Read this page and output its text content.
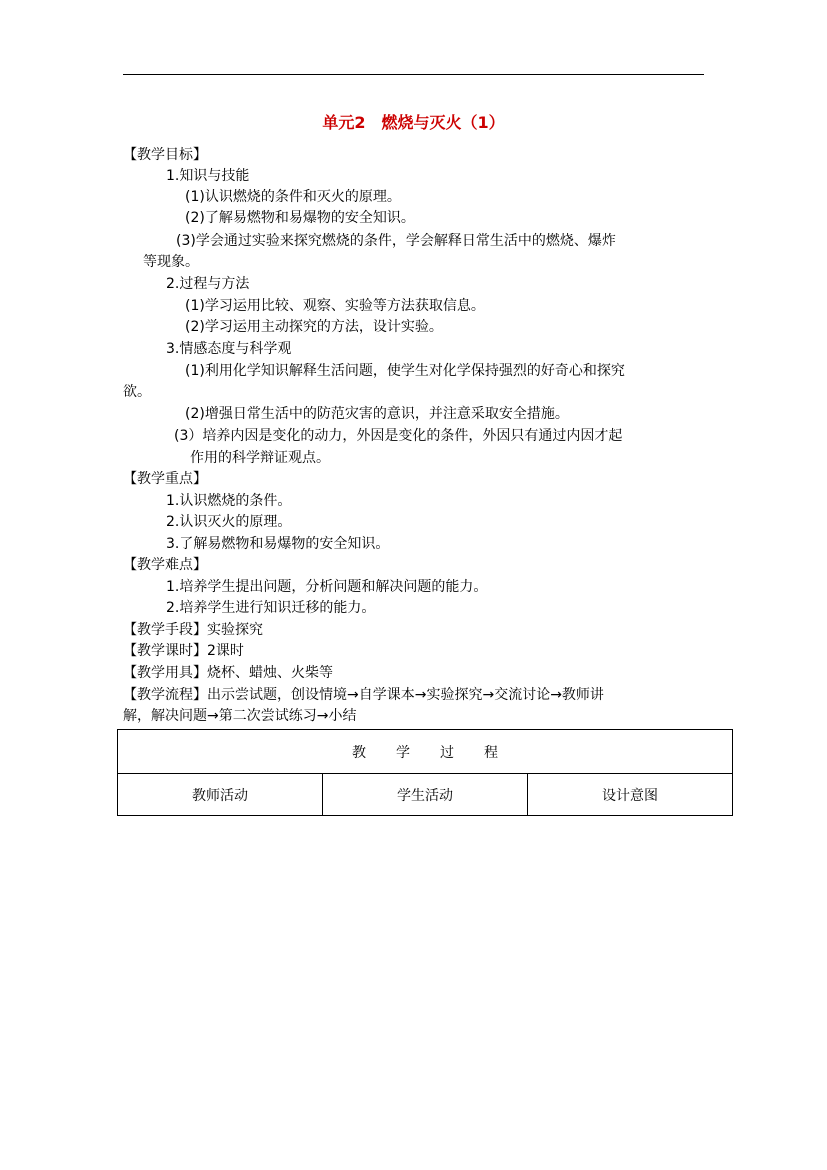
单元2　燃烧与灭火（1）
【教学目标】
1.知识与技能
(1)认识燃烧的条件和灭火的原理。
(2)了解易燃物和易爆物的安全知识。
(3)学会通过实验来探究燃烧的条件，学会解释日常生活中的燃烧、爆炸
等现象。
2.过程与方法
(1)学习运用比较、观察、实验等方法获取信息。
(2)学习运用主动探究的方法，设计实验。
3.情感态度与科学观
(1)利用化学知识解释生活问题，使学生对化学保持强烈的好奇心和探究
欲。
(2)增强日常生活中的防范灾害的意识，并注意采取安全措施。
(3）培养内因是变化的动力，外因是变化的条件，外因只有通过内因才起
作用的科学辩证观点。
【教学重点】
1.认识燃烧的条件。
2.认识灭火的原理。
3.了解易燃物和易爆物的安全知识。
【教学难点】
1.培养学生提出问题，分析问题和解决问题的能力。
2.培养学生进行知识迁移的能力。
【教学手段】实验探究
【教学课时】2课时
【教学用具】烧杯、蜡烛、火柴等
【教学流程】出示尝试题，创设情境→自学课本→实验探究→交流讨论→教师讲
解，解决问题→第二次尝试练习→小结
教学过程
教师活动	学生活动	设计意图
